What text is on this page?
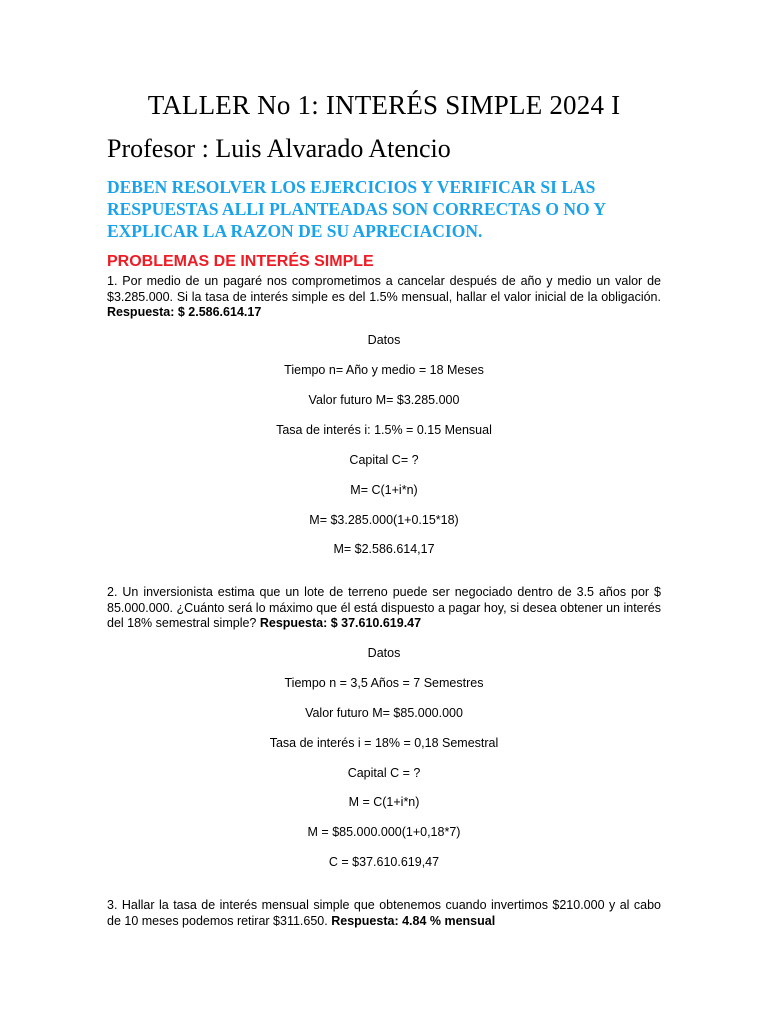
TALLER No 1: INTERÉS SIMPLE 2024 I
Profesor : Luis Alvarado Atencio
DEBEN RESOLVER LOS EJERCICIOS Y VERIFICAR SI LAS
RESPUESTAS ALLI PLANTEADAS SON CORRECTAS O NO Y
EXPLICAR LA RAZON DE SU APRECIACION.
PROBLEMAS DE INTERÉS SIMPLE
1. Por medio de un pagaré nos comprometimos a cancelar después de año y medio un valor de $3.285.000. Si la tasa de interés simple es del 1.5% mensual, hallar el valor inicial de la obligación. Respuesta: $ 2.586.614.17
Datos
Tiempo n= Año y medio = 18 Meses
Valor futuro M= $3.285.000
Tasa de interés i: 1.5% = 0.15 Mensual
Capital C= ?
M= C(1+i*n)
M= $3.285.000(1+0.15*18)
M= $2.586.614,17
2. Un inversionista estima que un lote de terreno puede ser negociado dentro de 3.5 años por $ 85.000.000. ¿Cuánto será lo máximo que él está dispuesto a pagar hoy, si desea obtener un interés del 18% semestral simple? Respuesta: $ 37.610.619.47
Datos
Tiempo n = 3,5 Años = 7 Semestres
Valor futuro M= $85.000.000
Tasa de interés i = 18% = 0,18 Semestral
Capital C = ?
M = C(1+i*n)
M = $85.000.000(1+0,18*7)
C = $37.610.619,47
3. Hallar la tasa de interés mensual simple que obtenemos cuando invertimos $210.000 y al cabo de 10 meses podemos retirar $311.650. Respuesta: 4.84 % mensual
